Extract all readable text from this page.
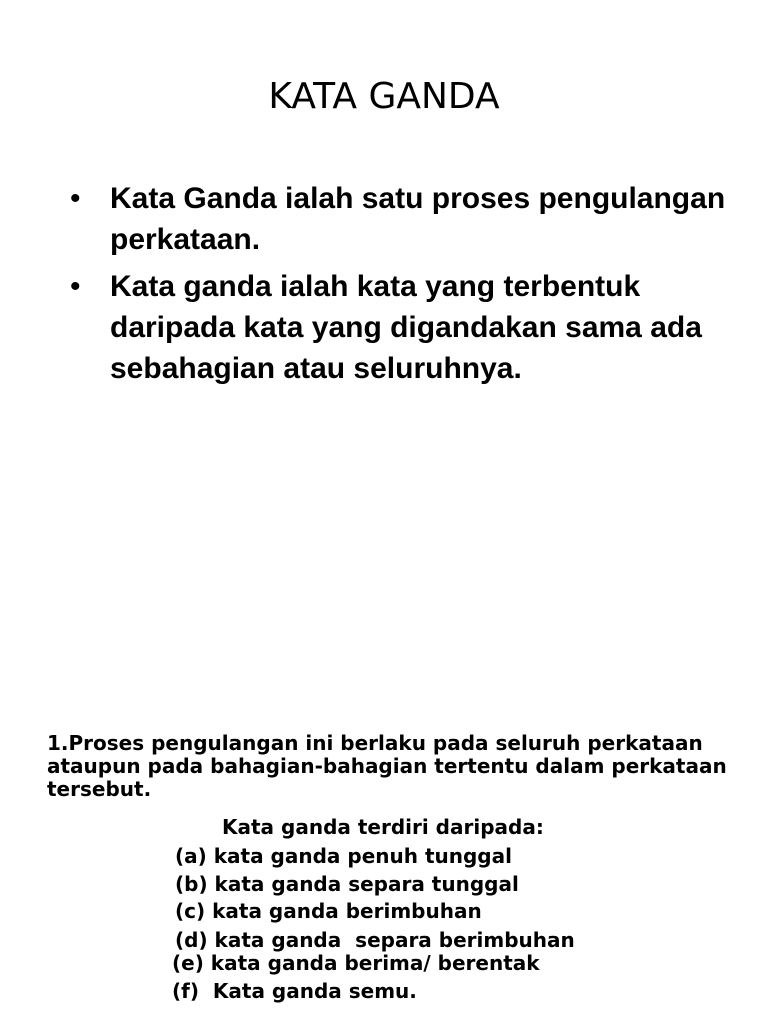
KATA GANDA
• Kata Ganda ialah satu proses pengulangan perkataan.
• Kata ganda ialah kata yang terbentuk daripada kata yang digandakan sama ada sebahagian atau seluruhnya.

1.Proses pengulangan ini berlaku pada seluruh perkataan ataupun pada bahagian-bahagian tertentu dalam perkataan tersebut.

Kata ganda terdiri daripada:

(a) kata ganda penuh tunggal

(b) kata ganda separa tunggal

(c) kata ganda berimbuhan

(d) kata ganda  separa berimbuhan

(e) kata ganda berima/ berentak

(f)  Kata ganda semu.
